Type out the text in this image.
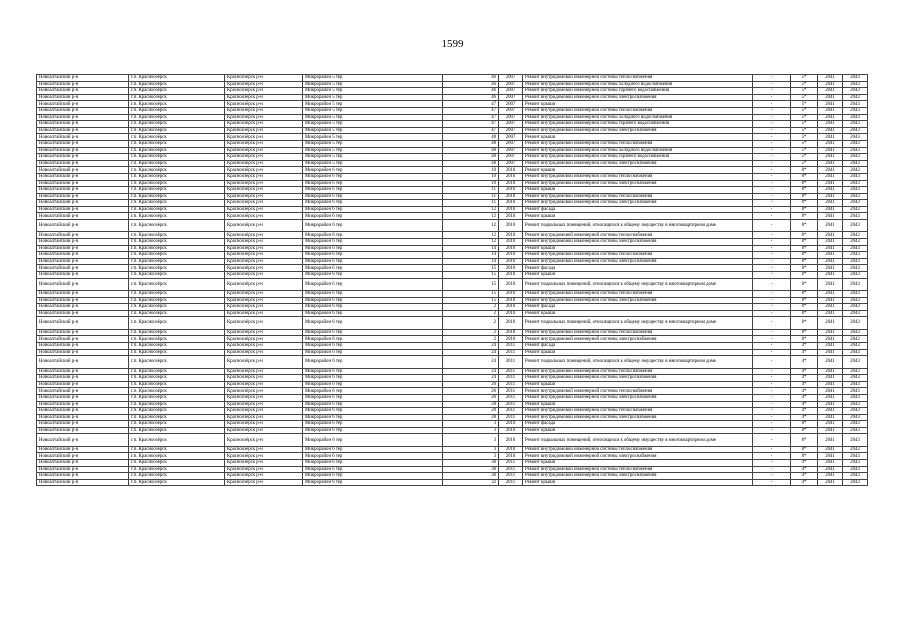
1599
Новоалтайский р-н	г.п. Красноозёрск	Красноозёрск р-н	Микрорайон 5 тер	46	2007	Ремонт внутридомовой инженерной системы теплоснабжения	-	5*	2041	2043
Новоалтайский р-н	г.п. Красноозёрск	Красноозёрск р-н	Микрорайон 5 тер	46	2007	Ремонт внутридомовой инженерной системы холодного водоснабжения	-	5*	2041	2043
Новоалтайский р-н	г.п. Красноозёрск	Красноозёрск р-н	Микрорайон 5 тер	46	2007	Ремонт внутридомовой инженерной системы горячего водоснабжения	-	5*	2041	2043
Новоалтайский р-н	г.п. Красноозёрск	Красноозёрск р-н	Микрорайон 5 тер	46	2007	Ремонт внутридомовой инженерной системы электроснабжения	-	5*	2041	2043
Новоалтайский р-н	г.п. Красноозёрск	Красноозёрск р-н	Микрорайон 5 тер	47	2007	Ремонт крыши	-	5*	2041	2043
Новоалтайский р-н	г.п. Красноозёрск	Красноозёрск р-н	Микрорайон 5 тер	47	2007	Ремонт внутридомовой инженерной системы теплоснабжения	-	5*	2041	2043
Новоалтайский р-н	г.п. Красноозёрск	Красноозёрск р-н	Микрорайон 5 тер	47	2007	Ремонт внутридомовой инженерной системы холодного водоснабжения	-	5*	2041	2043
Новоалтайский р-н	г.п. Красноозёрск	Красноозёрск р-н	Микрорайон 5 тер	47	2007	Ремонт внутридомовой инженерной системы горячего водоснабжения	-	5*	2041	2043
Новоалтайский р-н	г.п. Красноозёрск	Красноозёрск р-н	Микрорайон 5 тер	47	2007	Ремонт внутридомовой инженерной системы электроснабжения	-	5*	2041	2043
Новоалтайский р-н	г.п. Красноозёрск	Красноозёрск р-н	Микрорайон 5 тер	48	2007	Ремонт крыши	-	5*	2041	2043
Новоалтайский р-н	г.п. Красноозёрск	Красноозёрск р-н	Микрорайон 5 тер	48	2007	Ремонт внутридомовой инженерной системы теплоснабжения	-	5*	2041	2043
Новоалтайский р-н	г.п. Красноозёрск	Красноозёрск р-н	Микрорайон 5 тер	48	2007	Ремонт внутридомовой инженерной системы холодного водоснабжения	-	5*	2041	2043
Новоалтайский р-н	г.п. Красноозёрск	Красноозёрск р-н	Микрорайон 5 тер	48	2007	Ремонт внутридомовой инженерной системы горячего водоснабжения	-	5*	2041	2043
Новоалтайский р-н	г.п. Красноозёрск	Красноозёрск р-н	Микрорайон 5 тер	48	2007	Ремонт внутридомовой инженерной системы электроснабжения	-	5*	2041	2043
Новоалтайский р-н	г.п. Красноозёрск	Красноозёрск р-н	Микрорайон 6 тер	10	2010	Ремонт крыши	-	8*	2041	2043
Новоалтайский р-н	г.п. Красноозёрск	Красноозёрск р-н	Микрорайон 6 тер	10	2010	Ремонт внутридомовой инженерной системы теплоснабжения	-	8*	2041	2043
Новоалтайский р-н	г.п. Красноозёрск	Красноозёрск р-н	Микрорайон 6 тер	10	2010	Ремонт внутридомовой инженерной системы электроснабжения	-	8*	2041	2043
Новоалтайский р-н	г.п. Красноозёрск	Красноозёрск р-н	Микрорайон 6 тер	11	2010	Ремонт крыши	-	8*	2041	2043
Новоалтайский р-н	г.п. Красноозёрск	Красноозёрск р-н	Микрорайон 6 тер	11	2010	Ремонт внутридомовой инженерной системы теплоснабжения	-	8*	2041	2043
Новоалтайский р-н	г.п. Красноозёрск	Красноозёрск р-н	Микрорайон 6 тер	11	2010	Ремонт внутридомовой инженерной системы электроснабжения	-	8*	2041	2043
Новоалтайский р-н	г.п. Красноозёрск	Красноозёрск р-н	Микрорайон 6 тер	12	2010	Ремонт фасада	-	8*	2041	2043
Новоалтайский р-н	г.п. Красноозёрск	Красноозёрск р-н	Микрорайон 6 тер	12	2010	Ремонт крыши	-	8*	2041	2043
Новоалтайский р-н	г.п. Красноозёрск	Красноозёрск р-н	Микрорайон 6 тер	12	2010	Ремонт подвальных помещений, относящихся к общему имуществу в многоквартирном доме	-	8*	2041	2043
Новоалтайский р-н	г.п. Красноозёрск	Красноозёрск р-н	Микрорайон 6 тер	12	2010	Ремонт внутридомовой инженерной системы теплоснабжения	-	8*	2041	2043
Новоалтайский р-н	г.п. Красноозёрск	Красноозёрск р-н	Микрорайон 6 тер	12	2010	Ремонт внутридомовой инженерной системы электроснабжения	-	8*	2041	2043
Новоалтайский р-н	г.п. Красноозёрск	Красноозёрск р-н	Микрорайон 6 тер	14	2010	Ремонт крыши	-	8*	2041	2043
Новоалтайский р-н	г.п. Красноозёрск	Красноозёрск р-н	Микрорайон 6 тер	14	2010	Ремонт внутридомовой инженерной системы теплоснабжения	-	8*	2041	2043
Новоалтайский р-н	г.п. Красноозёрск	Красноозёрск р-н	Микрорайон 6 тер	14	2010	Ремонт внутридомовой инженерной системы электроснабжения	-	8*	2041	2043
Новоалтайский р-н	г.п. Красноозёрск	Красноозёрск р-н	Микрорайон 6 тер	15	2010	Ремонт фасада	-	8*	2041	2043
Новоалтайский р-н	г.п. Красноозёрск	Красноозёрск р-н	Микрорайон 6 тер	15	2010	Ремонт крыши	-	8*	2041	2043
Новоалтайский р-н	г.п. Красноозёрск	Красноозёрск р-н	Микрорайон 6 тер	15	2010	Ремонт подвальных помещений, относящихся к общему имуществу в многоквартирном доме	-	8*	2041	2043
Новоалтайский р-н	г.п. Красноозёрск	Красноозёрск р-н	Микрорайон 6 тер	15	2010	Ремонт внутридомовой инженерной системы теплоснабжения	-	8*	2041	2043
Новоалтайский р-н	г.п. Красноозёрск	Красноозёрск р-н	Микрорайон 6 тер	15	2010	Ремонт внутридомовой инженерной системы электроснабжения	-	8*	2041	2043
Новоалтайский р-н	г.п. Красноозёрск	Красноозёрск р-н	Микрорайон 6 тер	2	2010	Ремонт фасада	-	8*	2041	2043
Новоалтайский р-н	г.п. Красноозёрск	Красноозёрск р-н	Микрорайон 6 тер	2	2010	Ремонт крыши	-	8*	2041	2043
Новоалтайский р-н	г.п. Красноозёрск	Красноозёрск р-н	Микрорайон 6 тер	2	2010	Ремонт подвальных помещений, относящихся к общему имуществу в многоквартирном доме	-	8*	2041	2043
Новоалтайский р-н	г.п. Красноозёрск	Красноозёрск р-н	Микрорайон 6 тер	2	2010	Ремонт внутридомовой инженерной системы теплоснабжения	-	8*	2041	2043
Новоалтайский р-н	г.п. Красноозёрск	Красноозёрск р-н	Микрорайон 6 тер	2	2010	Ремонт внутридомовой инженерной системы электроснабжения	-	8*	2041	2043
Новоалтайский р-н	г.п. Красноозёрск	Красноозёрск р-н	Микрорайон 6 тер	24	2011	Ремонт фасада	-	4*	2041	2043
Новоалтайский р-н	г.п. Красноозёрск	Красноозёрск р-н	Микрорайон 6 тер	24	2011	Ремонт крыши	-	4*	2041	2043
Новоалтайский р-н	г.п. Красноозёрск	Красноозёрск р-н	Микрорайон 6 тер	24	2011	Ремонт подвальных помещений, относящихся к общему имуществу в многоквартирном доме	-	4*	2041	2043
Новоалтайский р-н	г.п. Красноозёрск	Красноозёрск р-н	Микрорайон 6 тер	24	2011	Ремонт внутридомовой инженерной системы теплоснабжения	-	4*	2041	2043
Новоалтайский р-н	г.п. Красноозёрск	Красноозёрск р-н	Микрорайон 6 тер	24	2011	Ремонт внутридомовой инженерной системы электроснабжения	-	4*	2041	2043
Новоалтайский р-н	г.п. Красноозёрск	Красноозёрск р-н	Микрорайон 6 тер	26	2011	Ремонт крыши	-	4*	2041	2043
Новоалтайский р-н	г.п. Красноозёрск	Красноозёрск р-н	Микрорайон 6 тер	26	2011	Ремонт внутридомовой инженерной системы теплоснабжения	-	4*	2041	2043
Новоалтайский р-н	г.п. Красноозёрск	Красноозёрск р-н	Микрорайон 6 тер	26	2011	Ремонт внутридомовой инженерной системы электроснабжения	-	4*	2041	2043
Новоалтайский р-н	г.п. Красноозёрск	Красноозёрск р-н	Микрорайон 6 тер	28	2011	Ремонт крыши	-	4*	2041	2043
Новоалтайский р-н	г.п. Красноозёрск	Красноозёрск р-н	Микрорайон 6 тер	28	2011	Ремонт внутридомовой инженерной системы теплоснабжения	-	4*	2041	2043
Новоалтайский р-н	г.п. Красноозёрск	Красноозёрск р-н	Микрорайон 6 тер	28	2011	Ремонт внутридомовой инженерной системы электроснабжения	-	4*	2041	2043
Новоалтайский р-н	г.п. Красноозёрск	Красноозёрск р-н	Микрорайон 6 тер	3	2010	Ремонт фасада	-	8*	2041	2043
Новоалтайский р-н	г.п. Красноозёрск	Красноозёрск р-н	Микрорайон 6 тер	3	2010	Ремонт крыши	-	8*	2041	2043
Новоалтайский р-н	г.п. Красноозёрск	Красноозёрск р-н	Микрорайон 6 тер	3	2010	Ремонт подвальных помещений, относящихся к общему имуществу в многоквартирном доме	-	8*	2041	2043
Новоалтайский р-н	г.п. Красноозёрск	Красноозёрск р-н	Микрорайон 6 тер	3	2010	Ремонт внутридомовой инженерной системы теплоснабжения	-	8*	2041	2043
Новоалтайский р-н	г.п. Красноозёрск	Красноозёрск р-н	Микрорайон 6 тер	3	2010	Ремонт внутридомовой инженерной системы электроснабжения	-	8*	2041	2043
Новоалтайский р-н	г.п. Красноозёрск	Красноозёрск р-н	Микрорайон 6 тер	30	2011	Ремонт крыши	-	4*	2041	2043
Новоалтайский р-н	г.п. Красноозёрск	Красноозёрск р-н	Микрорайон 6 тер	30	2011	Ремонт внутридомовой инженерной системы теплоснабжения	-	4*	2041	2043
Новоалтайский р-н	г.п. Красноозёрск	Красноозёрск р-н	Микрорайон 6 тер	30	2011	Ремонт внутридомовой инженерной системы электроснабжения	-	4*	2041	2043
Новоалтайский р-н	г.п. Красноозёрск	Красноозёрск р-н	Микрорайон 6 тер	32	2011	Ремонт крыши	-	4*	2041	2043
